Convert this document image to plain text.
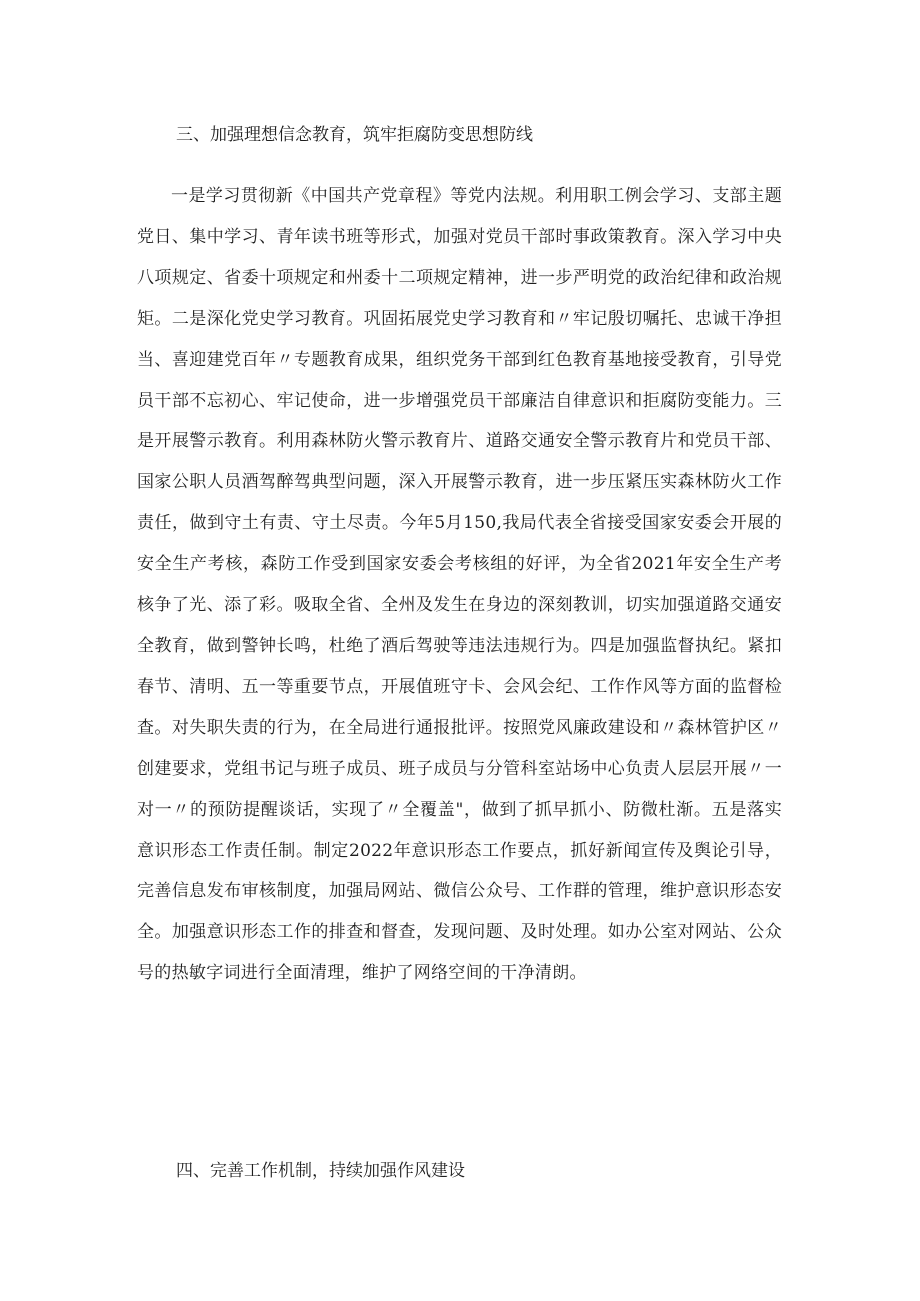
三、加强理想信念教育，筑牢拒腐防变思想防线
一是学习贯彻新《中国共产党章程》等党内法规。利用职工例会学习、支部主题党日、集中学习、青年读书班等形式，加强对党员干部时事政策教育。深入学习中央八项规定、省委十项规定和州委十二项规定精神，进一步严明党的政治纪律和政治规矩。二是深化党史学习教育。巩固拓展党史学习教育和〃牢记殷切嘱托、忠诚干净担当、喜迎建党百年〃专题教育成果，组织党务干部到红色教育基地接受教育，引导党员干部不忘初心、牢记使命，进一步增强党员干部廉洁自律意识和拒腐防变能力。三是开展警示教育。利用森林防火警示教育片、道路交通安全警示教育片和党员干部、国家公职人员酒驾醉驾典型问题，深入开展警示教育，进一步压紧压实森林防火工作责任，做到守土有责、守土尽责。今年5月150,我局代表全省接受国家安委会开展的安全生产考核，森防工作受到国家安委会考核组的好评，为全省2021年安全生产考核争了光、添了彩。吸取全省、全州及发生在身边的深刻教训，切实加强道路交通安全教育，做到警钟长鸣，杜绝了酒后驾驶等违法违规行为。四是加强监督执纪。紧扣春节、清明、五一等重要节点，开展值班守卡、会风会纪、工作作风等方面的监督检查。对失职失责的行为，在全局进行通报批评。按照党风廉政建设和〃森林管护区〃创建要求，党组书记与班子成员、班子成员与分管科室站场中心负责人层层开展〃一对一〃的预防提醒谈话，实现了〃全覆盖"，做到了抓早抓小、防微杜渐。五是落实意识形态工作责任制。制定2022年意识形态工作要点，抓好新闻宣传及舆论引导，完善信息发布审核制度，加强局网站、微信公众号、工作群的管理，维护意识形态安全。加强意识形态工作的排查和督查，发现问题、及时处理。如办公室对网站、公众号的热敏字词进行全面清理，维护了网络空间的干净清朗。
四、完善工作机制，持续加强作风建设
